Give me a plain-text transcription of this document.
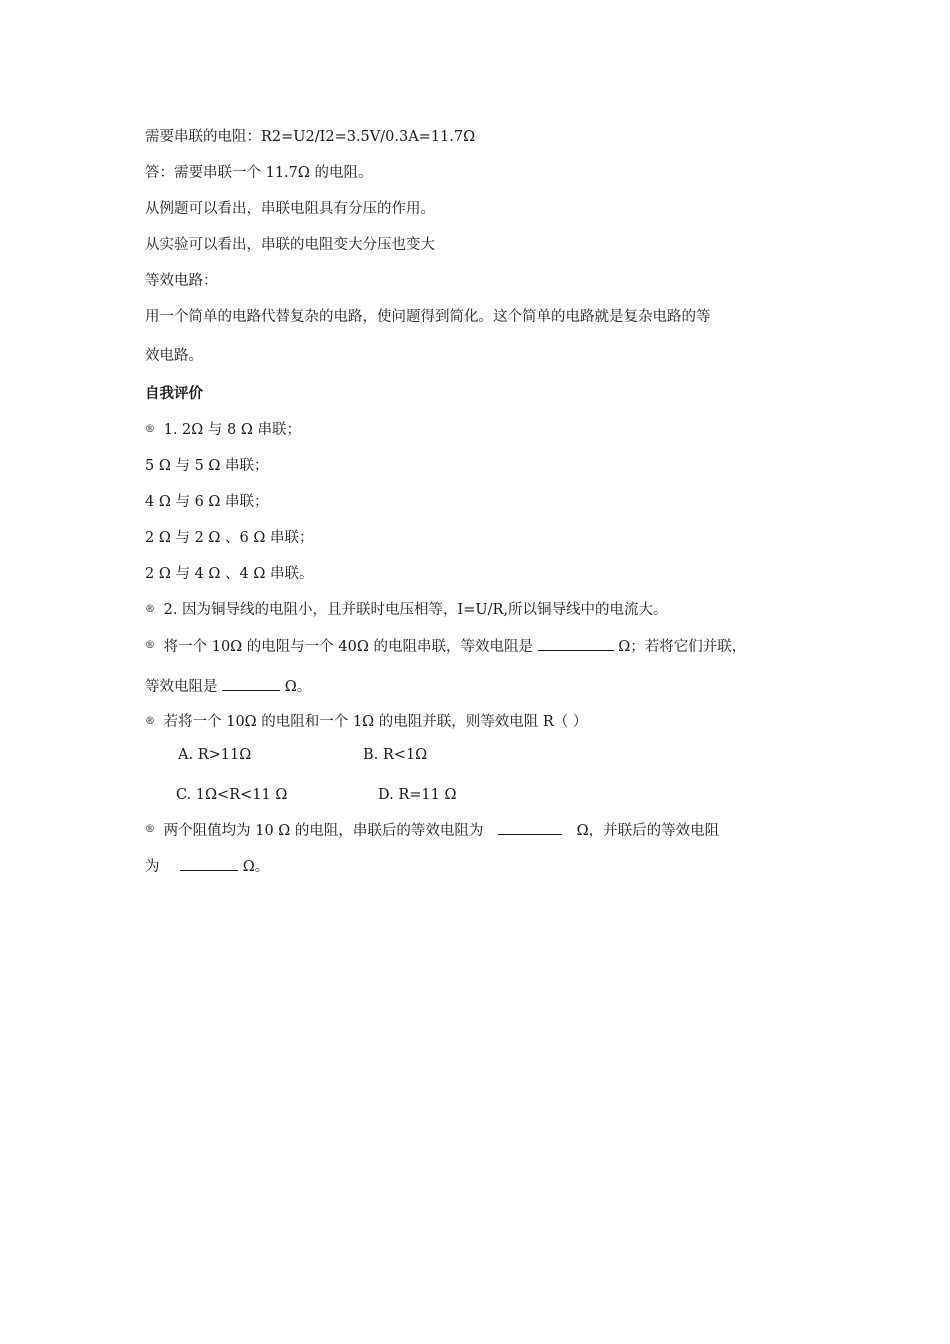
需要串联的电阻：R2=U2/I2=3.5V/0.3A=11.7Ω
答：需要串联一个 11.7Ω 的电阻。
从例题可以看出，串联电阻具有分压的作用。
从实验可以看出，串联的电阻变大分压也变大
等效电路：
用一个简单的电路代替复杂的电路，使问题得到简化。这个简单的电路就是复杂电路的等
效电路。
自我评价
® 1. 2Ω 与 8 Ω 串联；
5 Ω 与 5 Ω 串联；
4 Ω 与 6 Ω 串联；
2 Ω 与 2 Ω 、6 Ω 串联；
2 Ω 与 4 Ω 、4 Ω 串联。
® 2. 因为铜导线的电阻小，且并联时电压相等，I=U/R,所以铜导线中的电流大。
® 将一个 10Ω 的电阻与一个 40Ω 的电阻串联，等效电阻是	Ω；若将它们并联，
等效电阻是	Ω。
® 若将一个 10Ω 的电阻和一个 1Ω 的电阻并联，则等效电阻 R（ ）
A. R>11Ω	B. R<1Ω
C. 1Ω<R<11 Ω	D. R=11 Ω
® 两个阻值均为 10 Ω 的电阻，串联后的等效电阻为	Ω，并联后的等效电阻
为	Ω。
